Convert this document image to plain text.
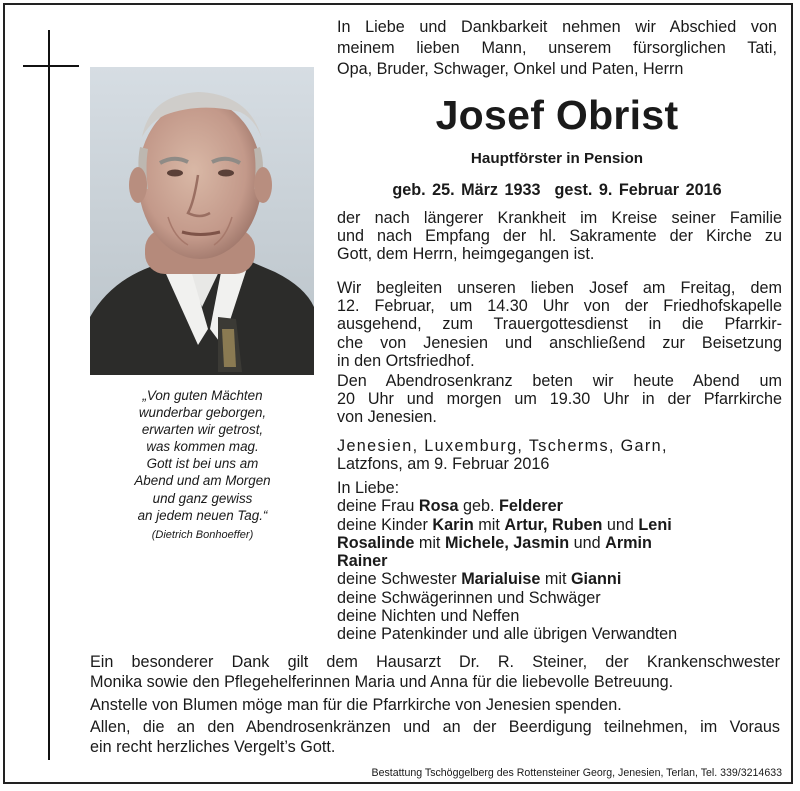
„Von guten Mächten
wunderbar geborgen,
erwarten wir getrost,
was kommen mag.
Gott ist bei uns am
Abend und am Morgen
und ganz gewiss
an jedem neuen Tag.“
(Dietrich Bonhoeffer)
In Liebe und Dankbarkeit nehmen wir Abschied von
meinem lieben Mann, unserem fürsorglichen Tati,
Opa, Bruder, Schwager, Onkel und Paten, Herrn
Josef Obrist
Hauptförster in Pension
geb. 25. März 1933 gest. 9. Februar 2016
der nach längerer Krankheit im Kreise seiner Familie
und nach Empfang der hl. Sakramente der Kirche zu
Gott, dem Herrn, heimgegangen ist.
Wir begleiten unseren lieben Josef am Freitag, dem
12. Februar, um 14.30 Uhr von der Friedhofskapelle
ausgehend, zum Trauergottesdienst in die Pfarrkir-
che von Jenesien und anschließend zur Beisetzung
in den Ortsfriedhof.
Den Abendrosenkranz beten wir heute Abend um
20 Uhr und morgen um 19.30 Uhr in der Pfarrkirche
von Jenesien.
Jenesien, Luxemburg, Tscherms, Garn,
Latzfons, am 9. Februar 2016
In Liebe:
deine Frau Rosa geb. Felderer
deine Kinder Karin mit Artur, Ruben und Leni
Rosalinde mit Michele, Jasmin und Armin
Rainer
deine Schwester Marialuise mit Gianni
deine Schwägerinnen und Schwäger
deine Nichten und Neffen
deine Patenkinder und alle übrigen Verwandten
Ein besonderer Dank gilt dem Hausarzt Dr. R. Steiner, der Krankenschwester
Monika sowie den Pflegehelferinnen Maria und Anna für die liebevolle Betreuung.
Anstelle von Blumen möge man für die Pfarrkirche von Jenesien spenden.
Allen, die an den Abendrosenkränzen und an der Beerdigung teilnehmen, im Voraus
ein recht herzliches Vergelt’s Gott.
Bestattung Tschöggelberg des Rottensteiner Georg, Jenesien, Terlan, Tel. 339/3214633
